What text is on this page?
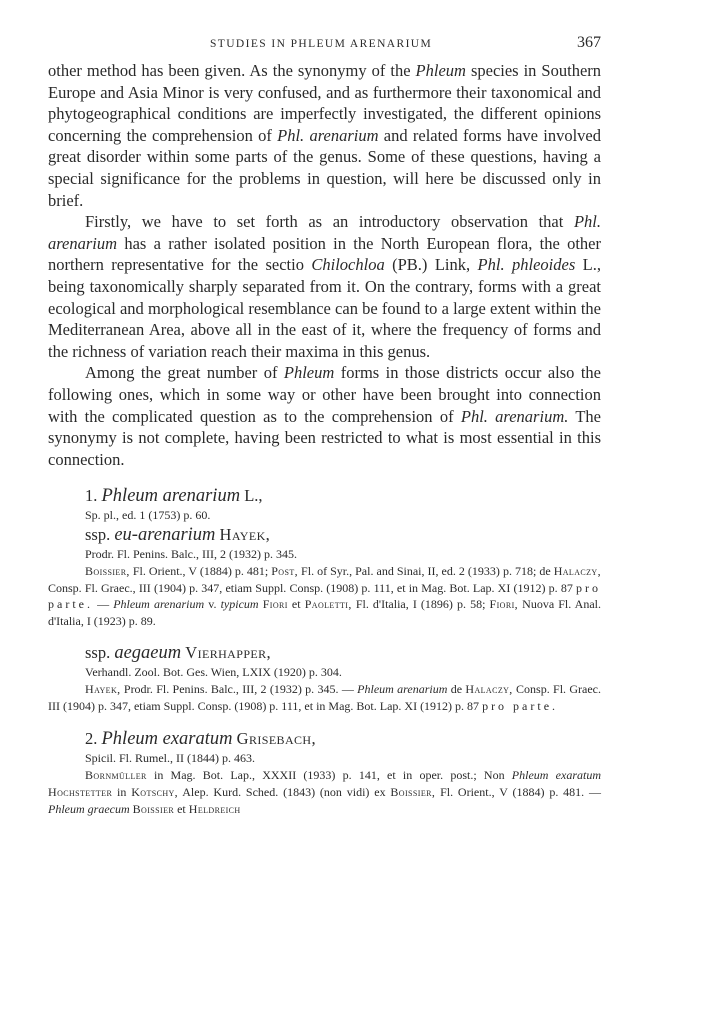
STUDIES IN PHLEUM ARENARIUM	367

other method has been given. As the synonymy of the Phleum species in Southern Europe and Asia Minor is very confused, and as furthermore their taxonomical and phytogeographical conditions are imperfectly investigated, the different opinions concerning the comprehension of Phl. arenarium and related forms have involved great disorder within some parts of the genus. Some of these questions, having a special significance for the problems in question, will here be discussed only in brief.

Firstly, we have to set forth as an introductory observation that Phl. arenarium has a rather isolated position in the North European flora, the other northern representative for the sectio Chilochloa (PB.) Link, Phl. phleoides L., being taxonomically sharply separated from it. On the contrary, forms with a great ecological and morphological resemblance can be found to a large extent within the Mediterranean Area, above all in the east of it, where the frequency of forms and the richness of variation reach their maxima in this genus.

Among the great number of Phleum forms in those districts occur also the following ones, which in some way or other have been brought into connection with the complicated question as to the comprehension of Phl. arenarium. The synonymy is not complete, having been restricted to what is most essential in this connection.

1. Phleum arenarium L.,

Sp. pl., ed. 1 (1753) p. 60.

ssp. eu-arenarium Hayek,

Prodr. Fl. Penins. Balc., III, 2 (1932) p. 345.

Boissier, Fl. Orient., V (1884) p. 481; Post, Fl. of Syr., Pal. and Sinai, II, ed. 2 (1933) p. 718; de Halaczy, Consp. Fl. Graec., III (1904) p. 347, etiam Suppl. Consp. (1908) p. 111, et in Mag. Bot. Lap. XI (1912) p. 87 pro parte. — Phleum arenarium v. typicum Fiori et Paoletti, Fl. d'Italia, I (1896) p. 58; Fiori, Nuova Fl. Anal. d'Italia, I (1923) p. 89.

ssp. aegaeum Vierhapper,

Verhandl. Zool. Bot. Ges. Wien, LXIX (1920) p. 304.

Hayek, Prodr. Fl. Penins. Balc., III, 2 (1932) p. 345. — Phleum arenarium de Halaczy, Consp. Fl. Graec. III (1904) p. 347, etiam Suppl. Consp. (1908) p. 111, et in Mag. Bot. Lap. XI (1912) p. 87 pro parte.

2. Phleum exaratum Grisebach,

Spicil. Fl. Rumel., II (1844) p. 463.

Bornmüller in Mag. Bot. Lap., XXXII (1933) p. 141, et in oper. post.; Non Phleum exaratum Hochstetter in Kotschy, Alep. Kurd. Sched. (1843) (non vidi) ex Boissier, Fl. Orient., V (1884) p. 481. — Phleum graecum Boissier et Heldreich
